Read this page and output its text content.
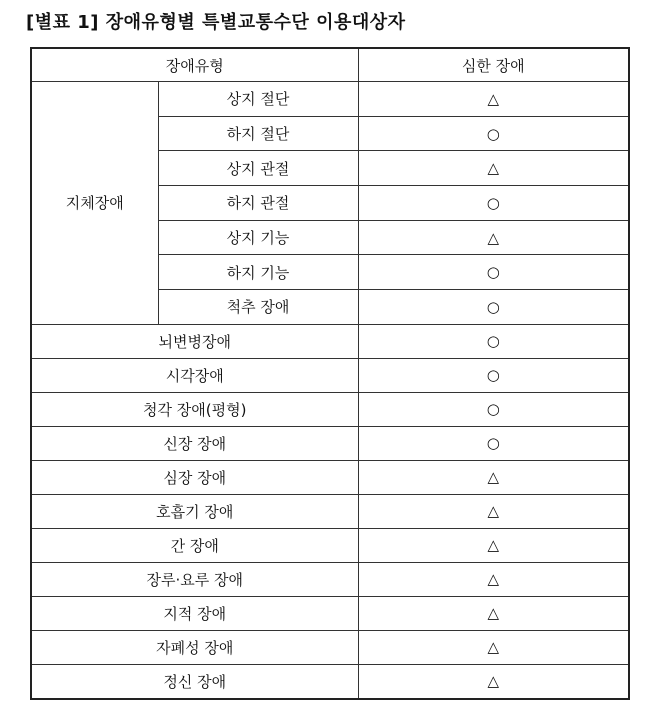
[별표 1] 장애유형별 특별교통수단 이용대상자
장애유형		심한 장애
지체장애	상지 절단	△
	하지 절단	○
	상지 관절	△
	하지 관절	○
	상지 기능	△
	하지 기능	○
	척추 장애	○
뇌변병장애		○
시각장애		○
청각 장애(평형)		○
신장 장애		○
심장 장애		△
호흡기 장애		△
간 장애		△
장루·요루 장애		△
지적 장애		△
자폐성 장애		△
정신 장애		△
